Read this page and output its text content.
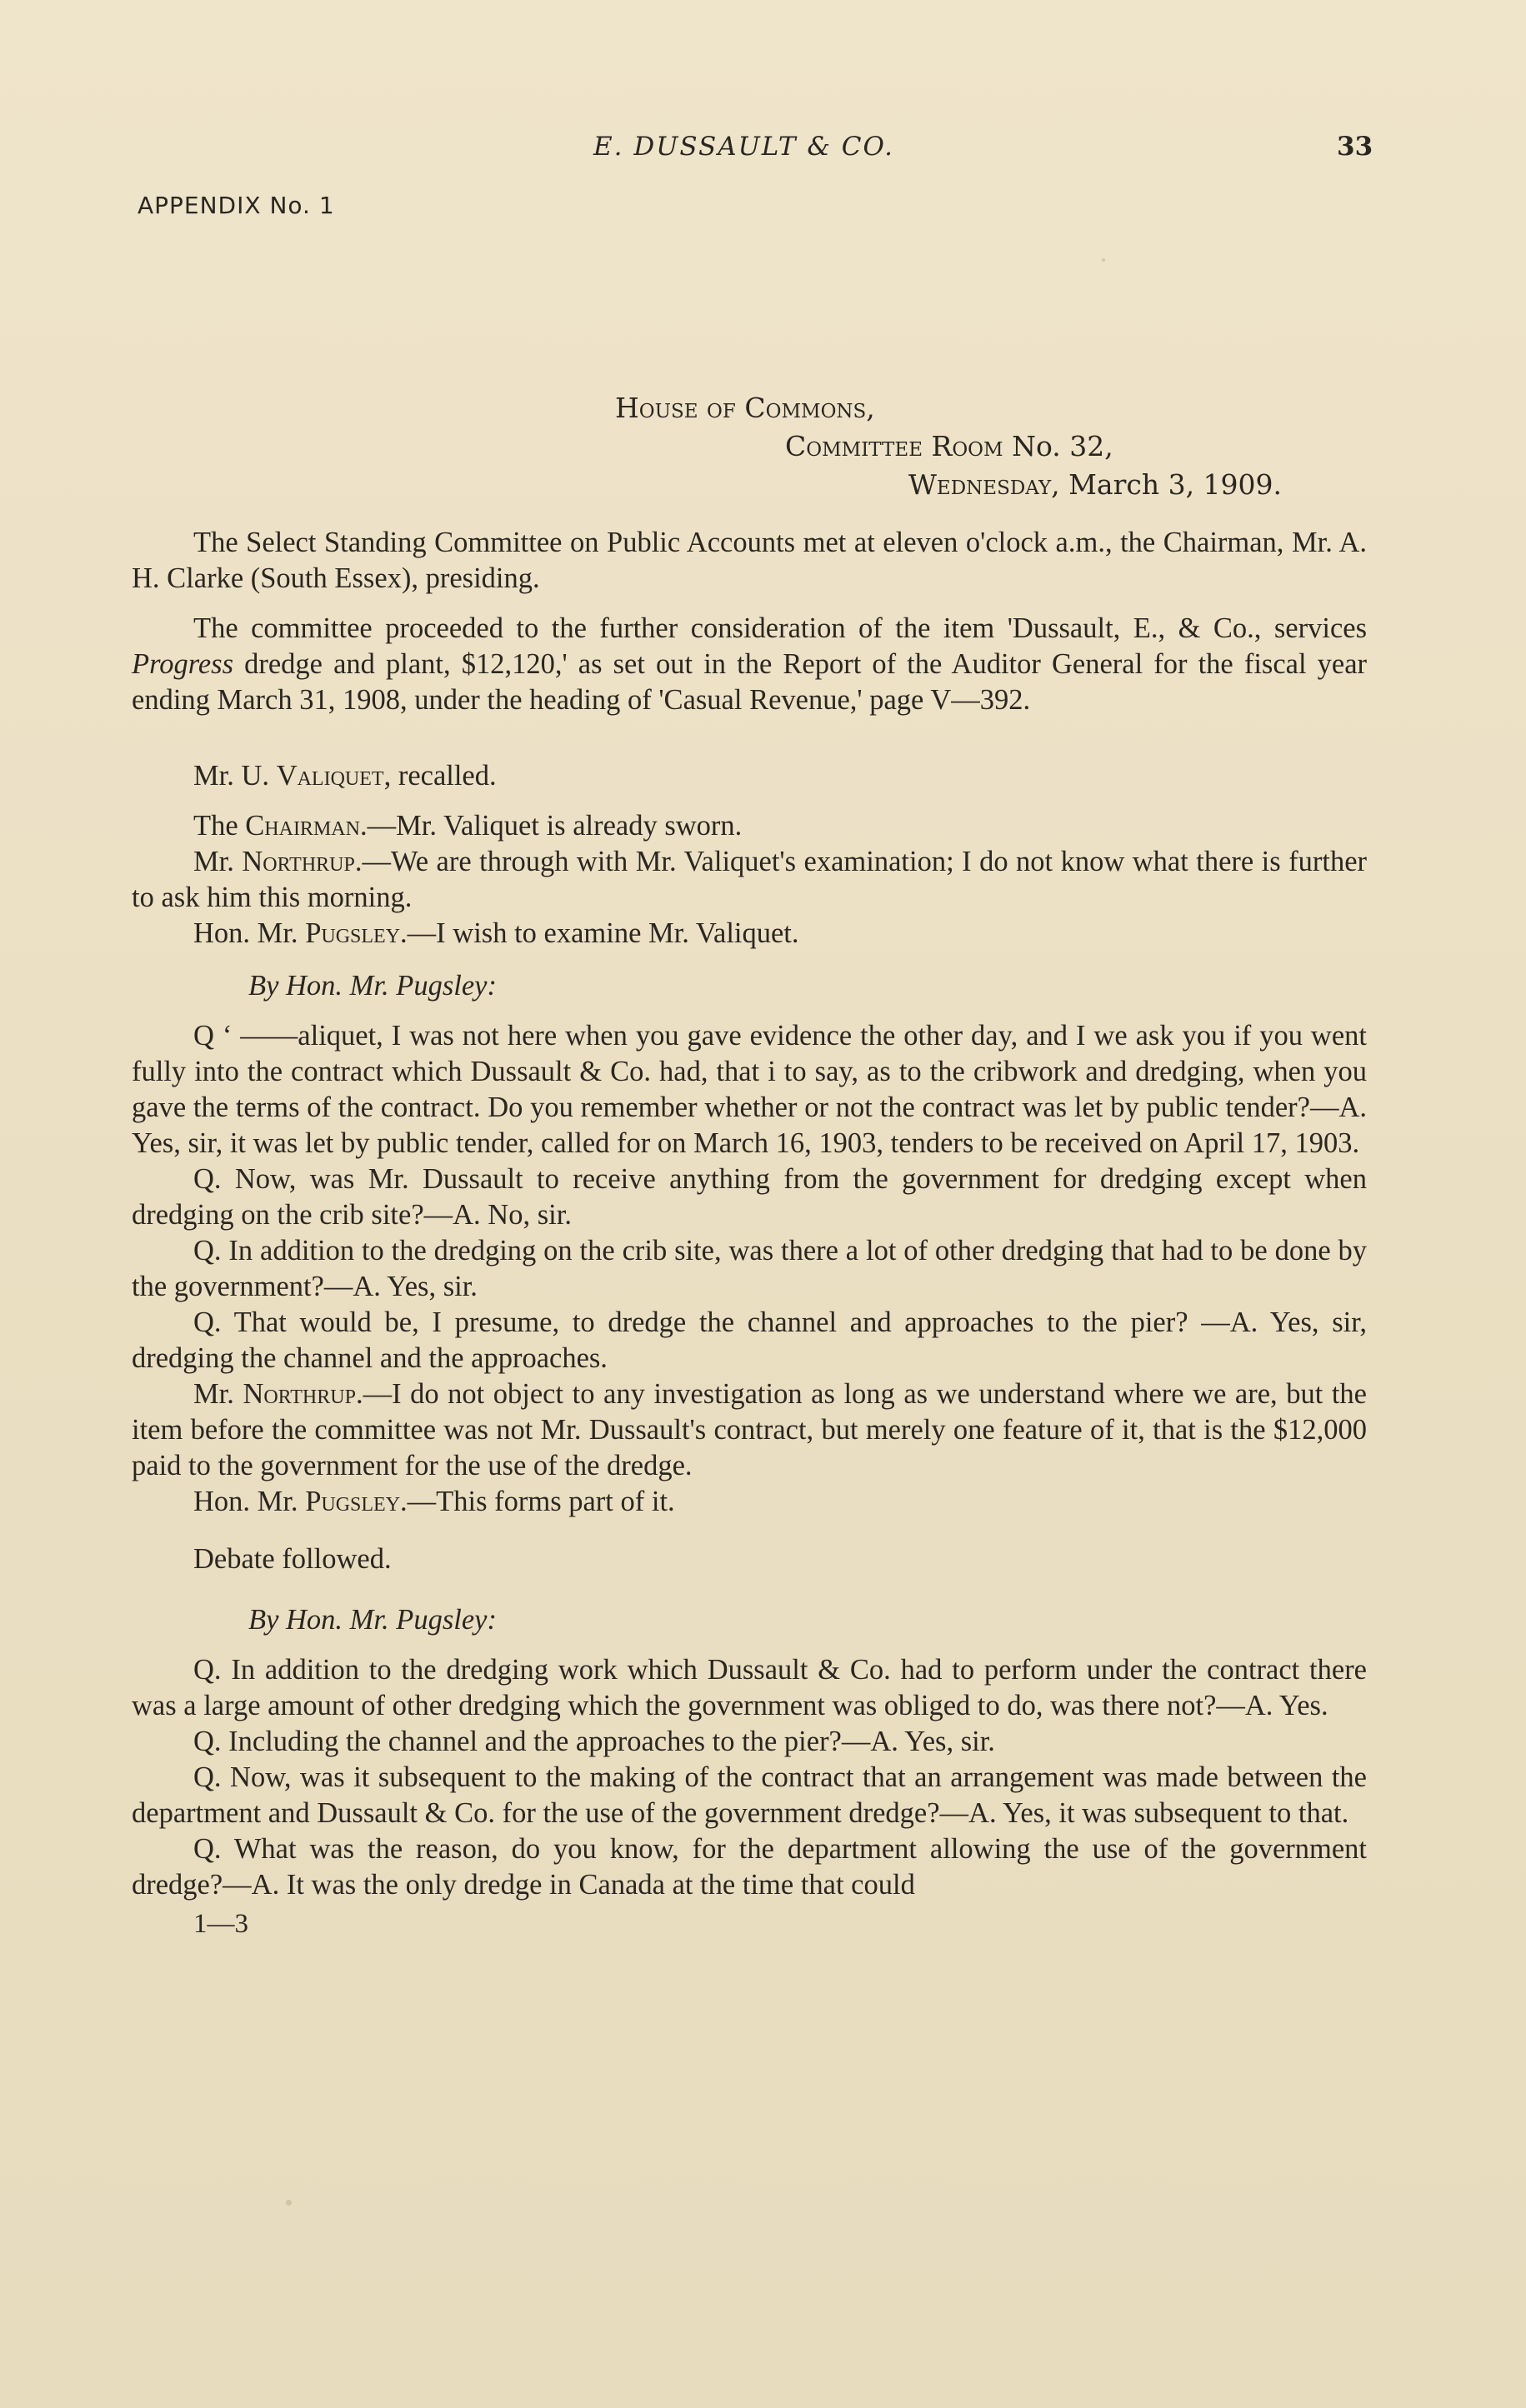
E. DUSSAULT & CO.	33
APPENDIX No. 1
House of Commons,
Committee Room No. 32,
Wednesday, March 3, 1909.

The Select Standing Committee on Public Accounts met at eleven o'clock a.m., the Chairman, Mr. A. H. Clarke (South Essex), presiding.

The committee proceeded to the further consideration of the item 'Dussault, E., & Co., services Progress dredge and plant, $12,120,' as set out in the Report of the Auditor General for the fiscal year ending March 31, 1908, under the heading of 'Casual Revenue,' page V—392.

Mr. U. Valiquet, recalled.

The Chairman.—Mr. Valiquet is already sworn.

Mr. Northrup.—We are through with Mr. Valiquet's examination; I do not know what there is further to ask him this morning.

Hon. Mr. Pugsley.—I wish to examine Mr. Valiquet.

By Hon. Mr. Pugsley:

Q ‘ ——aliquet, I was not here when you gave evidence the other day, and I we ask you if you went fully into the contract which Dussault & Co. had, that i ‌to say, as to the cribwork and dredging, when you gave the terms of the contract. Do you remember whether or not the contract was let by public tender?—A. Yes, sir, it was let by public tender, called for on March 16, 1903, tenders to be received on April 17, 1903.

Q. Now, was Mr. Dussault to receive anything from the government for dredging except when dredging on the crib site?—A. No, sir.

Q. In addition to the dredging on the crib site, was there a lot of other dredging that had to be done by the government?—A. Yes, sir.

Q. That would be, I presume, to dredge the channel and approaches to the pier? —A. Yes, sir, dredging the channel and the approaches.

Mr. Northrup.—I do not object to any investigation as long as we understand where we are, but the item before the committee was not Mr. Dussault's contract, but merely one feature of it, that is the $12,000 paid to the government for the use of the dredge.

Hon. Mr. Pugsley.—This forms part of it.

Debate followed.

By Hon. Mr. Pugsley:

Q. In addition to the dredging work which Dussault & Co. had to perform under the contract there was a large amount of other dredging which the government was obliged to do, was there not?—A. Yes.

Q. Including the channel and the approaches to the pier?—A. Yes, sir.

Q. Now, was it subsequent to the making of the contract that an arrangement was made between the department and Dussault & Co. for the use of the government dredge?—A. Yes, it was subsequent to that.

Q. What was the reason, do you know, for the department allowing the use of the government dredge?—A. It was the only dredge in Canada at the time that could

1—3
